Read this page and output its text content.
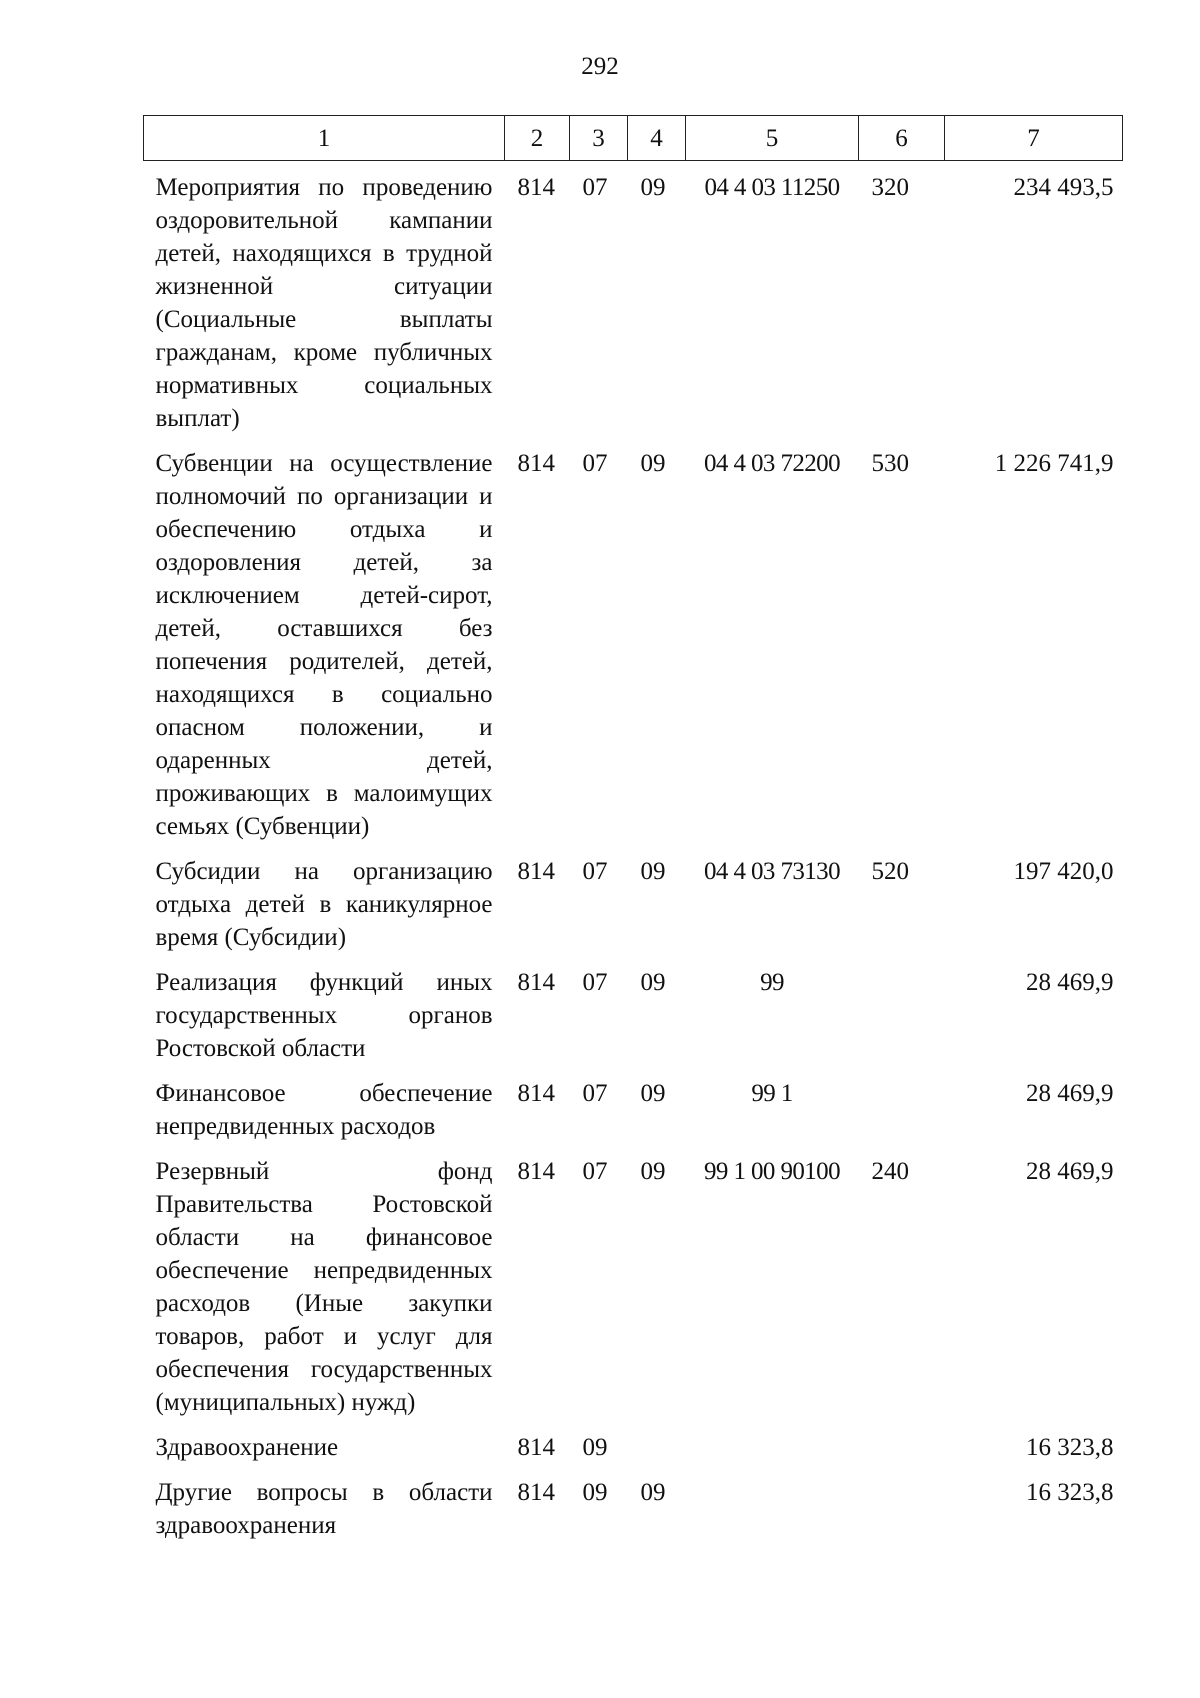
292
1	2	3	4	5	6	7
Мероприятия по проведению оздоровительной кампании детей, находящихся в трудной жизненной ситуации (Социальные выплаты гражданам, кроме публичных нормативных социальных выплат)	814	07	09	04 4 03 11250	320	234 493,5
Субвенции на осуществление полномочий по организации и обеспечению отдыха и оздоровления детей, за исключением детей-сирот, детей, оставшихся без попечения родителей, детей, находящихся в социально опасном положении, и одаренных детей, проживающих в малоимущих семьях (Субвенции)	814	07	09	04 4 03 72200	530	1 226 741,9
Субсидии на организацию отдыха детей в каникулярное время (Субсидии)	814	07	09	04 4 03 73130	520	197 420,0
Реализация функций иных государственных органов Ростовской области	814	07	09	99		28 469,9
Финансовое обеспечение непредвиденных расходов	814	07	09	99 1		28 469,9
Резервный фонд Правительства Ростовской области на финансовое обеспечение непредвиденных расходов (Иные закупки товаров, работ и услуг для обеспечения государственных (муниципальных) нужд)	814	07	09	99 1 00 90100	240	28 469,9
Здравоохранение	814	09				16 323,8
Другие вопросы в области здравоохранения	814	09	09			16 323,8
